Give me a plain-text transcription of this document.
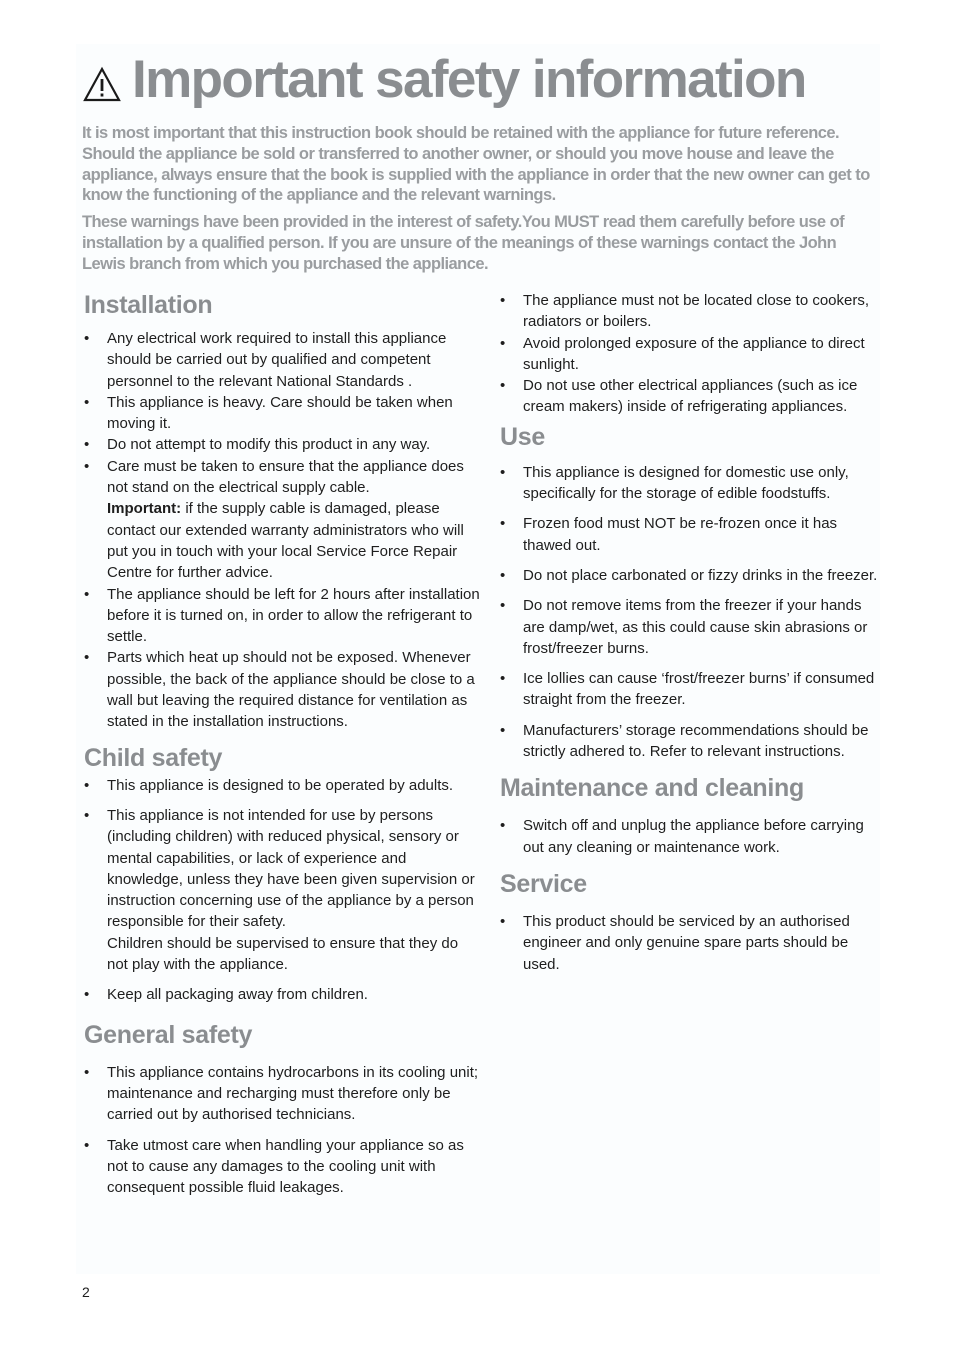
Important safety information

It is most important that this instruction book should be retained with the appliance for future reference. Should the appliance be sold or transferred to another owner, or should you move house and leave the appliance, always ensure that the book is supplied with the appliance in order that the new owner can get to know the functioning of the appliance and the relevant warnings.

These warnings have been provided in the interest of safety.You MUST read them carefully before use of installation by a qualified person. If you are unsure of the meanings of these warnings contact the John Lewis branch from which you purchased the appliance.

Installation
• Any electrical work required to install this appliance should be carried out by qualified and competent personnel to the relevant National Standards .
• This appliance is heavy. Care should be taken when moving it.
• Do not attempt to modify this product in any way.
• Care must be taken to ensure that the appliance does not stand on the electrical supply cable.
Important: if the supply cable is damaged, please contact our extended warranty administrators who will put you in touch with your local Service Force Repair Centre for further advice.
• The appliance should be left for 2 hours after installation before it is turned on, in order to allow the refrigerant to settle.
• Parts which heat up should not be exposed. Whenever possible, the back of the appliance should be close to a wall but leaving the required distance for ventilation as stated in the installation instructions.
Child safety
• This appliance is designed to be operated by adults.
• This appliance is not intended for use by persons (including children) with reduced physical, sensory or mental capabilities, or lack of experience and knowledge, unless they have been given supervision or instruction concerning use of the appliance by a person responsible for their safety.
Children should be supervised to ensure that they do not play with the appliance.
• Keep all packaging away from children.
General safety
• This appliance contains hydrocarbons in its cooling unit; maintenance and recharging must therefore only be carried out by authorised technicians.
• Take utmost care when handling your appliance so as not to cause any damages to the cooling unit with consequent possible fluid leakages.
• The appliance must not be located close to cookers, radiators or boilers.
• Avoid prolonged exposure of the appliance to direct sunlight.
• Do not use other electrical appliances (such as ice cream makers) inside of refrigerating appliances.
Use
• This appliance is designed for domestic use only, specifically for the storage of edible foodstuffs.
• Frozen food must NOT be re-frozen once it has thawed out.
• Do not place carbonated or fizzy drinks in the freezer.
• Do not remove items from the freezer if your hands are damp/wet, as this could cause skin abrasions or frost/freezer burns.
• Ice lollies can cause ‘frost/freezer burns’ if consumed straight from the freezer.
• Manufacturers’ storage recommendations should be strictly adhered to. Refer to relevant instructions.
Maintenance and cleaning
• Switch off and unplug the appliance before carrying out any cleaning or maintenance work.
Service
• This product should be serviced by an authorised engineer and only genuine spare parts should be used.
2
